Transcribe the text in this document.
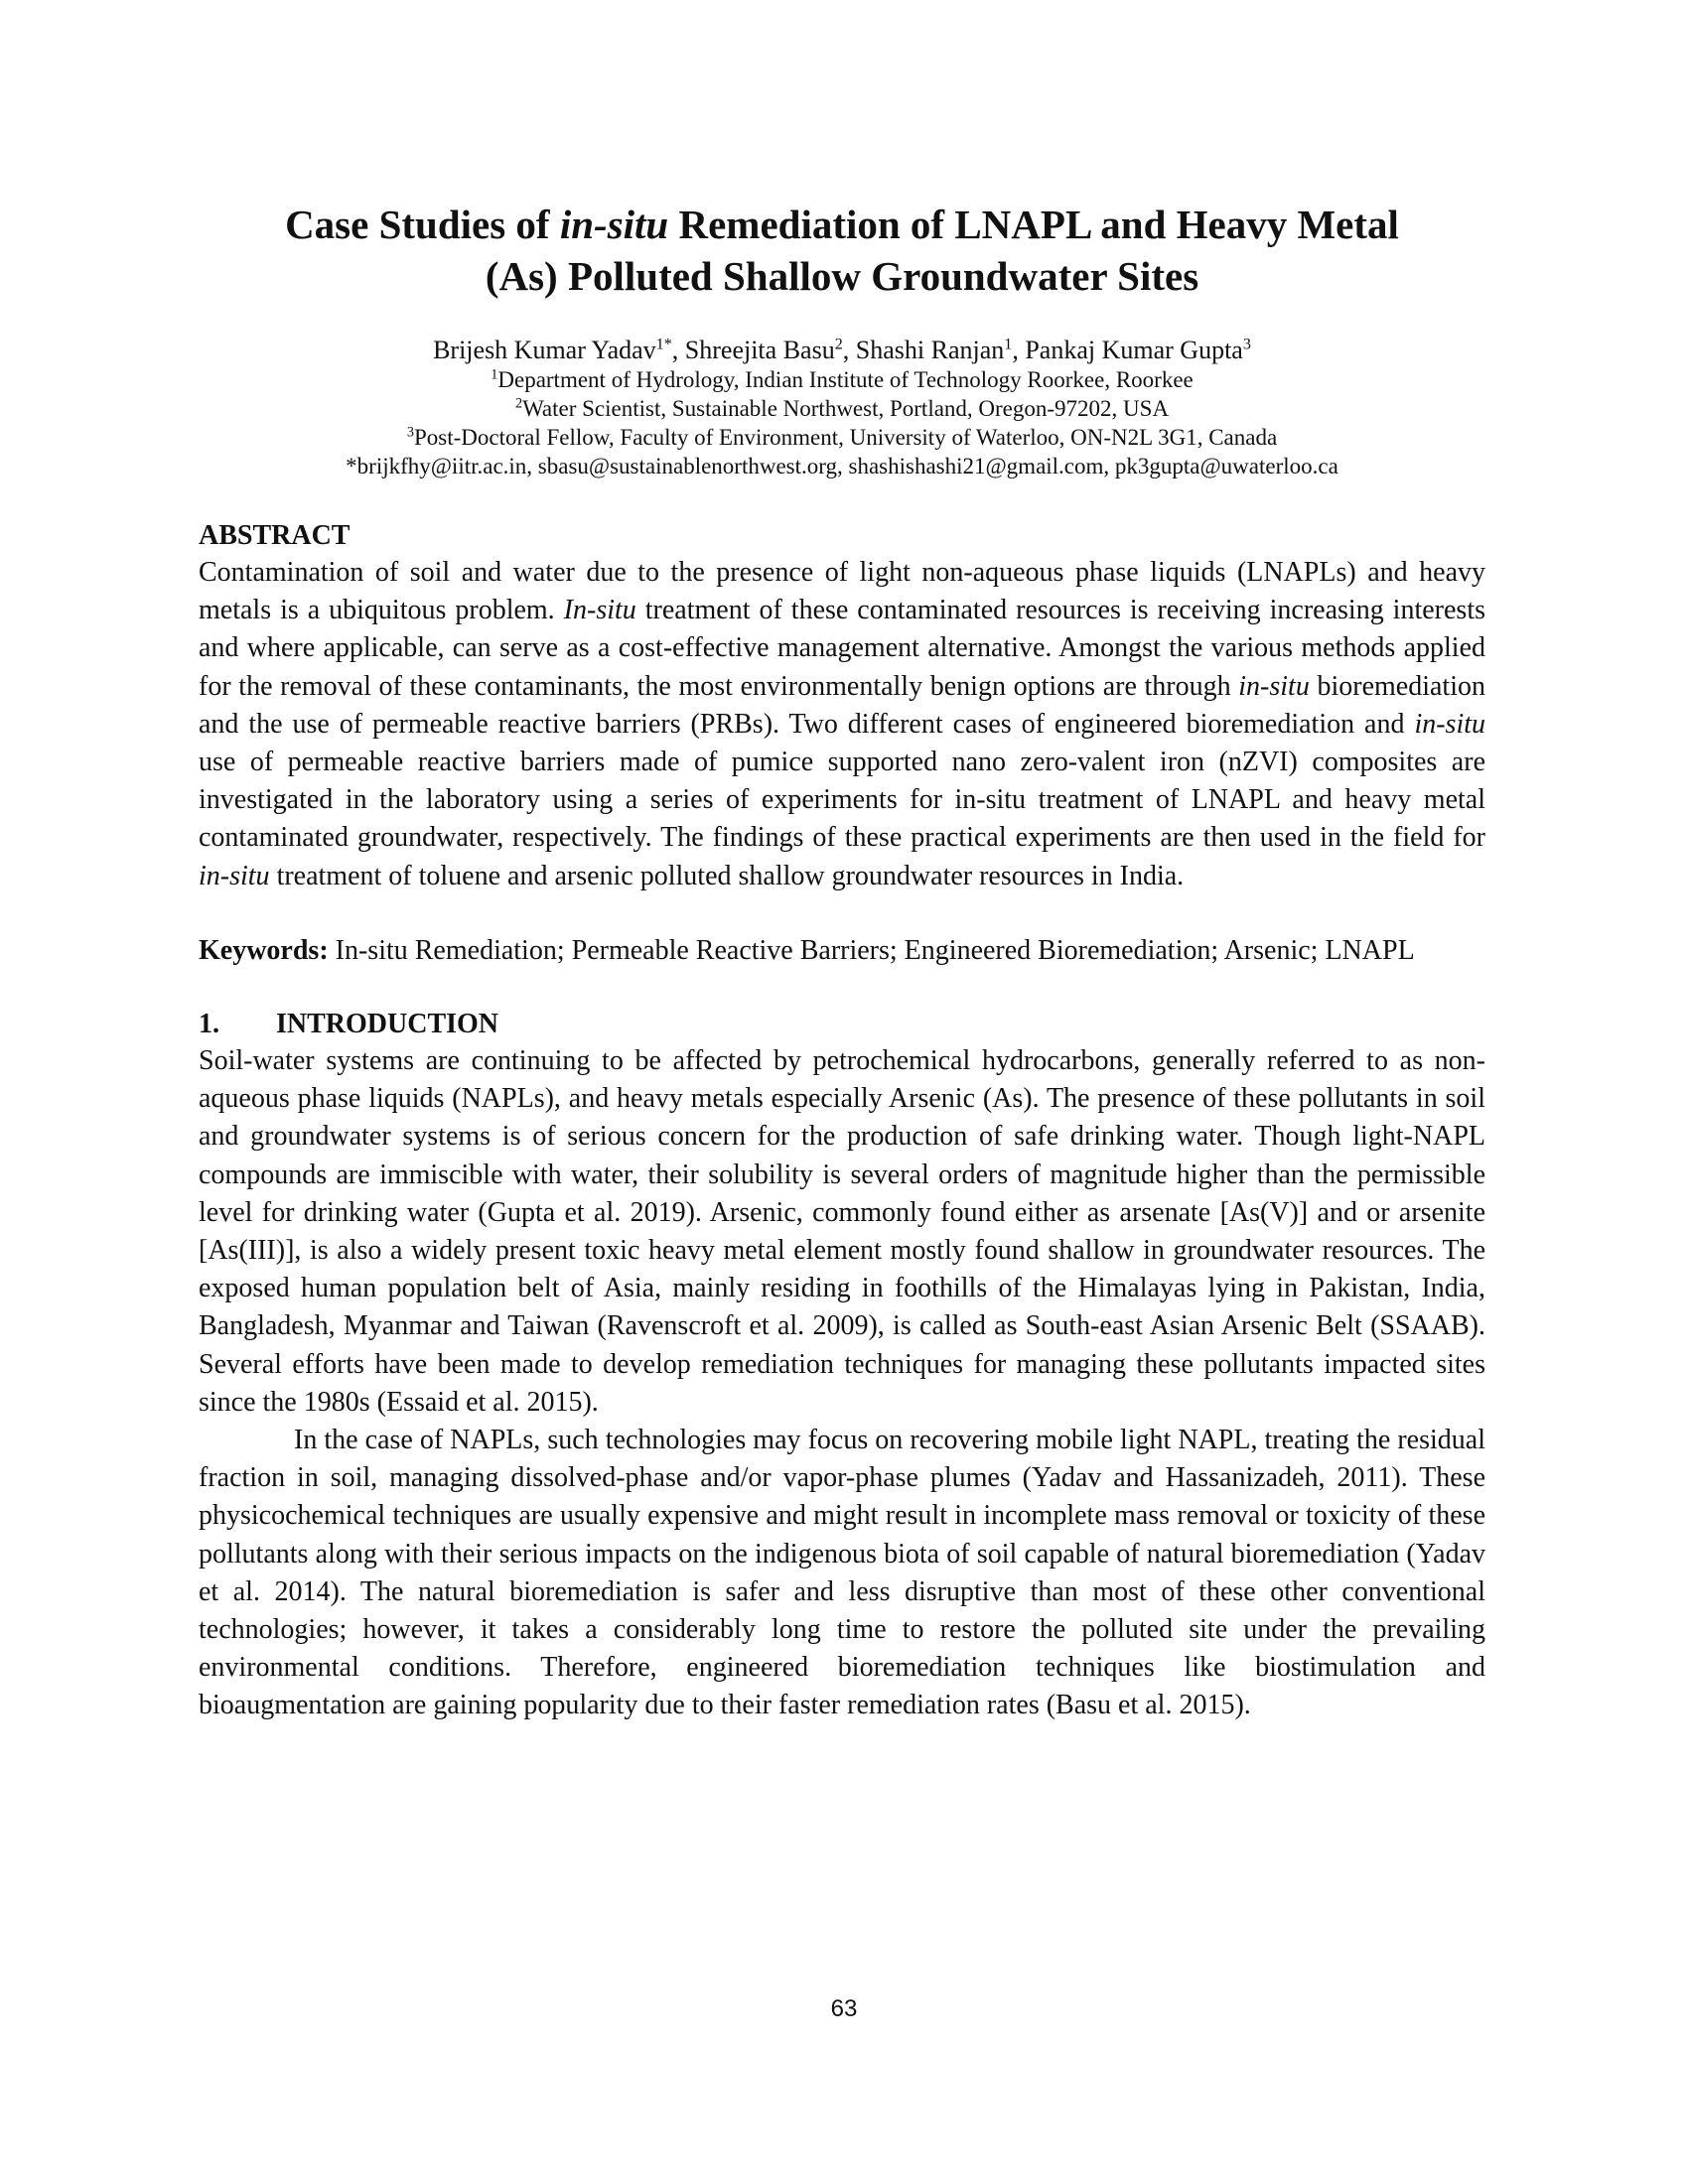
Case Studies of in-situ Remediation of LNAPL and Heavy Metal
(As) Polluted Shallow Groundwater Sites
Brijesh Kumar Yadav$^{1*}$, Shreejita Basu$^2$, Shashi Ranjan$^1$, Pankaj Kumar Gupta$^3$
$^1$Department of Hydrology, Indian Institute of Technology Roorkee, Roorkee
$^2$Water Scientist, Sustainable Northwest, Portland, Oregon-97202, USA
$^3$Post-Doctoral Fellow, Faculty of Environment, University of Waterloo, ON-N2L 3G1, Canada
*brijkfhy@iitr.ac.in, sbasu@sustainablenorthwest.org, shashishashi21@gmail.com, pk3gupta@uwaterloo.ca
ABSTRACT

Contamination of soil and water due to the presence of light non-aqueous phase liquids (LNAPLs) and heavy metals is a ubiquitous problem. In-situ treatment of these contaminated resources is receiving increasing interests and where applicable, can serve as a cost-effective management alternative. Amongst the various methods applied for the removal of these contaminants, the most environmentally benign options are through in-situ bioremediation and the use of permeable reactive barriers (PRBs). Two different cases of engineered bioremediation and in-situ use of permeable reactive barriers made of pumice supported nano zero-valent iron (nZVI) composites are investigated in the laboratory using a series of experiments for in-situ treatment of LNAPL and heavy metal contaminated groundwater, respectively. The findings of these practical experiments are then used in the field for in-situ treatment of toluene and arsenic polluted shallow groundwater resources in India.

Keywords: In-situ Remediation; Permeable Reactive Barriers; Engineered Bioremediation; Arsenic; LNAPL

1. INTRODUCTION

Soil-water systems are continuing to be affected by petrochemical hydrocarbons, generally referred to as non-aqueous phase liquids (NAPLs), and heavy metals especially Arsenic (As). The presence of these pollutants in soil and groundwater systems is of serious concern for the production of safe drinking water. Though light-NAPL compounds are immiscible with water, their solubility is several orders of magnitude higher than the permissible level for drinking water (Gupta et al. 2019). Arsenic, commonly found either as arsenate [As(V)] and or arsenite [As(III)], is also a widely present toxic heavy metal element mostly found shallow in groundwater resources. The exposed human population belt of Asia, mainly residing in foothills of the Himalayas lying in Pakistan, India, Bangladesh, Myanmar and Taiwan (Ravenscroft et al. 2009), is called as South-east Asian Arsenic Belt (SSAAB). Several efforts have been made to develop remediation techniques for managing these pollutants impacted sites since the 1980s (Essaid et al. 2015).

In the case of NAPLs, such technologies may focus on recovering mobile light NAPL, treating the residual fraction in soil, managing dissolved-phase and/or vapor-phase plumes (Yadav and Hassanizadeh, 2011). These physicochemical techniques are usually expensive and might result in incomplete mass removal or toxicity of these pollutants along with their serious impacts on the indigenous biota of soil capable of natural bioremediation (Yadav et al. 2014). The natural bioremediation is safer and less disruptive than most of these other conventional technologies; however, it takes a considerably long time to restore the polluted site under the prevailing environmental conditions. Therefore, engineered bioremediation techniques like biostimulation and bioaugmentation are gaining popularity due to their faster remediation rates (Basu et al. 2015).

63
